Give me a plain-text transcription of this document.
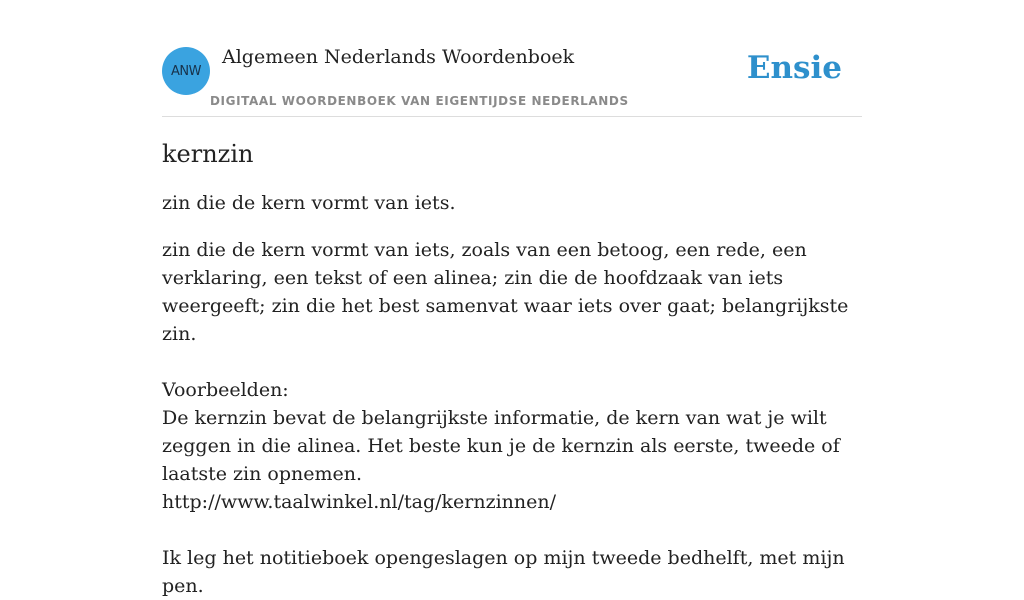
ANW
Algemeen Nederlands Woordenboek
DIGITAAL WOORDENBOEK VAN EIGENTIJDSE NEDERLANDS
Ensie
kernzin

zin die de kern vormt van iets.

zin die de kern vormt van iets, zoals van een betoog, een rede, een verklaring, een tekst of een alinea; zin die de hoofdzaak van iets weergeeft; zin die het best samenvat waar iets over gaat; belangrijkste zin.

Voorbeelden:

De kernzin bevat de belangrijkste informatie, de kern van wat je wilt zeggen in die alinea. Het beste kun je de kernzin als eerste, tweede of laatste zin opnemen.

http://www.taalwinkel.nl/tag/kernzinnen/

Ik leg het notitieboek opengeslagen op mijn tweede bedhelft, met mijn pen.
